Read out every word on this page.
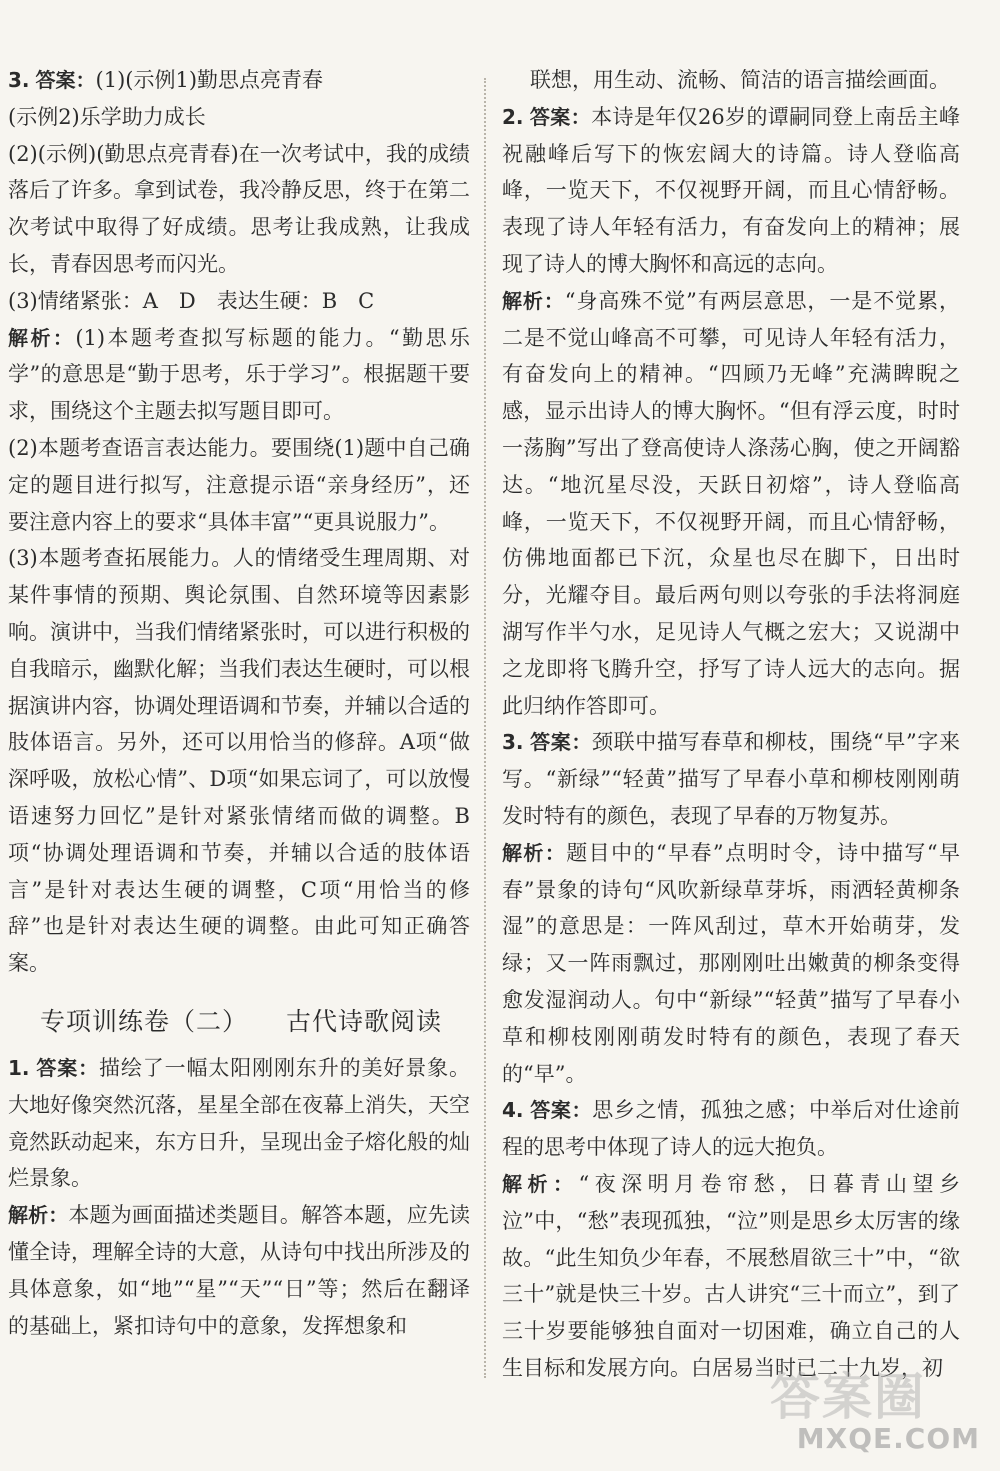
3. 答案：(1)(示例1)勤思点亮青春

(示例2)乐学助力成长

(2)(示例)(勤思点亮青春)在一次考试中，我的成绩落后了许多。拿到试卷，我冷静反思，终于在第二次考试中取得了好成绩。思考让我成熟，让我成长，青春因思考而闪光。

(3)情绪紧张：A　D　表达生硬：B　C

解析：(1)本题考查拟写标题的能力。“勤思乐学”的意思是“勤于思考，乐于学习”。根据题干要求，围绕这个主题去拟写题目即可。

(2)本题考查语言表达能力。要围绕(1)题中自己确定的题目进行拟写，注意提示语“亲身经历”，还要注意内容上的要求“具体丰富”“更具说服力”。

(3)本题考查拓展能力。人的情绪受生理周期、对某件事情的预期、舆论氛围、自然环境等因素影响。演讲中，当我们情绪紧张时，可以进行积极的自我暗示，幽默化解；当我们表达生硬时，可以根据演讲内容，协调处理语调和节奏，并辅以合适的肢体语言。另外，还可以用恰当的修辞。A项“做深呼吸，放松心情”、D项“如果忘词了，可以放慢语速努力回忆”是针对紧张情绪而做的调整。B项“协调处理语调和节奏，并辅以合适的肢体语言”是针对表达生硬的调整，C项“用恰当的修辞”也是针对表达生硬的调整。由此可知正确答案。

专项训练卷（二） 古代诗歌阅读

1. 答案：描绘了一幅太阳刚刚东升的美好景象。大地好像突然沉落，星星全部在夜幕上消失，天空竟然跃动起来，东方日升，呈现出金子熔化般的灿烂景象。

解析：本题为画面描述类题目。解答本题，应先读懂全诗，理解全诗的大意，从诗句中找出所涉及的具体意象，如“地”“星”“天”“日”等；然后在翻译的基础上，紧扣诗句中的意象，发挥想象和

联想，用生动、流畅、简洁的语言描绘画面。

2. 答案：本诗是年仅26岁的谭嗣同登上南岳主峰祝融峰后写下的恢宏阔大的诗篇。诗人登临高峰，一览天下，不仅视野开阔，而且心情舒畅。表现了诗人年轻有活力，有奋发向上的精神；展现了诗人的博大胸怀和高远的志向。

解析：“身高殊不觉”有两层意思，一是不觉累，二是不觉山峰高不可攀，可见诗人年轻有活力，有奋发向上的精神。“四顾乃无峰”充满睥睨之感，显示出诗人的博大胸怀。“但有浮云度，时时一荡胸”写出了登高使诗人涤荡心胸，使之开阔豁达。“地沉星尽没，天跃日初熔”，诗人登临高峰，一览天下，不仅视野开阔，而且心情舒畅，仿佛地面都已下沉，众星也尽在脚下，日出时分，光耀夺目。最后两句则以夸张的手法将洞庭湖写作半勺水，足见诗人气概之宏大；又说湖中之龙即将飞腾升空，抒写了诗人远大的志向。据此归纳作答即可。

3. 答案：颈联中描写春草和柳枝，围绕“早”字来写。“新绿”“轻黄”描写了早春小草和柳枝刚刚萌发时特有的颜色，表现了早春的万物复苏。

解析：题目中的“早春”点明时令，诗中描写“早春”景象的诗句“风吹新绿草芽坼，雨洒轻黄柳条湿”的意思是：一阵风刮过，草木开始萌芽，发绿；又一阵雨飘过，那刚刚吐出嫩黄的柳条变得愈发湿润动人。句中“新绿”“轻黄”描写了早春小草和柳枝刚刚萌发时特有的颜色，表现了春天的“早”。

4. 答案：思乡之情，孤独之感；中举后对仕途前程的思考中体现了诗人的远大抱负。

解析：“夜深明月卷帘愁，日暮青山望乡泣”中，“愁”表现孤独，“泣”则是思乡太厉害的缘故。“此生知负少年春，不展愁眉欲三十”中，“欲三十”就是快三十岁。古人讲究“三十而立”，到了三十岁要能够独自面对一切困难，确立自己的人生目标和发展方向。白居易当时已二十九岁，初

答案圈
MXQE.COM
